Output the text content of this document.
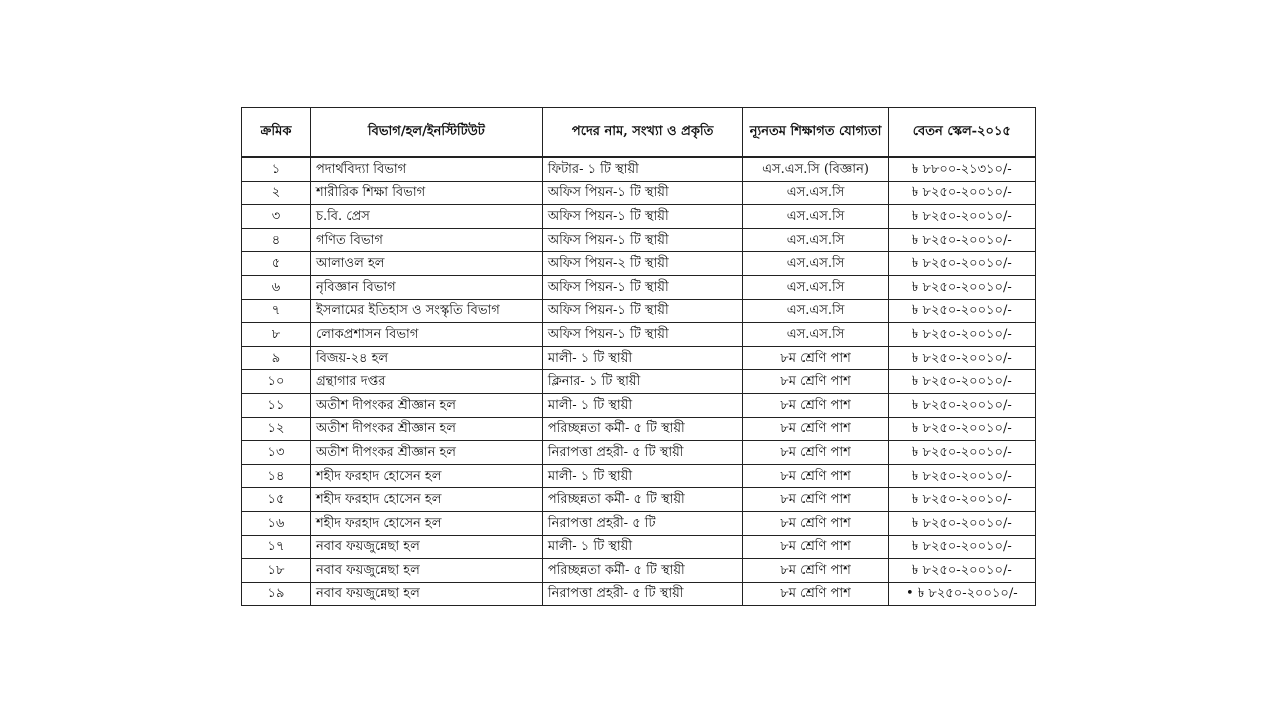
ক্রমিক	বিভাগ/হল/ইনস্টিটিউট	পদের নাম, সংখ্যা ও প্রকৃতি	ন্যূনতম শিক্ষাগত যোগ্যতা	বেতন স্কেল-২০১৫
১	পদার্থবিদ্যা বিভাগ	ফিটার- ১ টি স্থায়ী	এস.এস.সি (বিজ্ঞান)	৳ ৮৮০০-২১৩১০/-
২	শারীরিক শিক্ষা বিভাগ	অফিস পিয়ন-১ টি স্থায়ী	এস.এস.সি	৳ ৮২৫০-২০০১০/-
৩	চ.বি. প্রেস	অফিস পিয়ন-১ টি স্থায়ী	এস.এস.সি	৳ ৮২৫০-২০০১০/-
৪	গণিত বিভাগ	অফিস পিয়ন-১ টি স্থায়ী	এস.এস.সি	৳ ৮২৫০-২০০১০/-
৫	আলাওল হল	অফিস পিয়ন-২ টি স্থায়ী	এস.এস.সি	৳ ৮২৫০-২০০১০/-
৬	নৃবিজ্ঞান বিভাগ	অফিস পিয়ন-১ টি স্থায়ী	এস.এস.সি	৳ ৮২৫০-২০০১০/-
৭	ইসলামের ইতিহাস ও সংস্কৃতি বিভাগ	অফিস পিয়ন-১ টি স্থায়ী	এস.এস.সি	৳ ৮২৫০-২০০১০/-
৮	লোকপ্রশাসন বিভাগ	অফিস পিয়ন-১ টি স্থায়ী	এস.এস.সি	৳ ৮২৫০-২০০১০/-
৯	বিজয়-২৪ হল	মালী- ১ টি স্থায়ী	৮ম শ্রেণি পাশ	৳ ৮২৫০-২০০১০/-
১০	গ্রন্থাগার দপ্তর	ক্লিনার- ১ টি স্থায়ী	৮ম শ্রেণি পাশ	৳ ৮২৫০-২০০১০/-
১১	অতীশ দীপংকর শ্রীজ্ঞান হল	মালী- ১ টি স্থায়ী	৮ম শ্রেণি পাশ	৳ ৮২৫০-২০০১০/-
১২	অতীশ দীপংকর শ্রীজ্ঞান হল	পরিচ্ছন্নতা কর্মী- ৫ টি স্থায়ী	৮ম শ্রেণি পাশ	৳ ৮২৫০-২০০১০/-
১৩	অতীশ দীপংকর শ্রীজ্ঞান হল	নিরাপত্তা প্রহরী- ৫ টি স্থায়ী	৮ম শ্রেণি পাশ	৳ ৮২৫০-২০০১০/-
১৪	শহীদ ফরহাদ হোসেন হল	মালী- ১ টি স্থায়ী	৮ম শ্রেণি পাশ	৳ ৮২৫০-২০০১০/-
১৫	শহীদ ফরহাদ হোসেন হল	পরিচ্ছন্নতা কর্মী- ৫ টি স্থায়ী	৮ম শ্রেণি পাশ	৳ ৮২৫০-২০০১০/-
১৬	শহীদ ফরহাদ হোসেন হল	নিরাপত্তা প্রহরী- ৫ টি	৮ম শ্রেণি পাশ	৳ ৮২৫০-২০০১০/-
১৭	নবাব ফয়জুন্নেছা হল	মালী- ১ টি স্থায়ী	৮ম শ্রেণি পাশ	৳ ৮২৫০-২০০১০/-
১৮	নবাব ফয়জুন্নেছা হল	পরিচ্ছন্নতা কর্মী- ৫ টি স্থায়ী	৮ম শ্রেণি পাশ	৳ ৮২৫০-২০০১০/-
১৯	নবাব ফয়জুন্নেছা হল	নিরাপত্তা প্রহরী- ৫ টি স্থায়ী	৮ম শ্রেণি পাশ	• ৳ ৮২৫০-২০০১০/-
